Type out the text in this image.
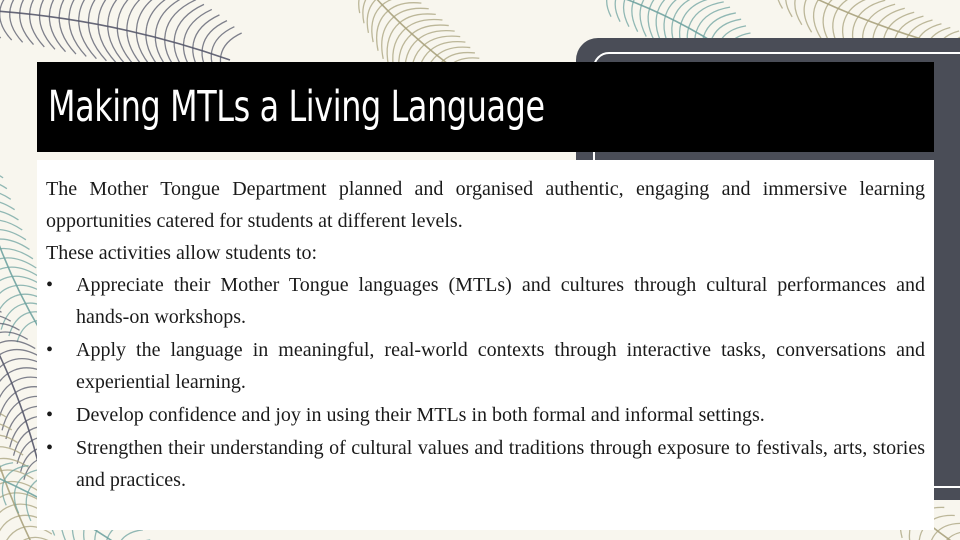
Making MTLs a Living Language

The Mother Tongue Department planned and organised authentic, engaging and immersive learning opportunities catered for students at different levels.

These activities allow students to:

•	Appreciate their Mother Tongue languages (MTLs) and cultures through cultural performances and hands-on workshops.
•	Apply the language in meaningful, real-world contexts through interactive tasks, conversations and experiential learning.
•	Develop confidence and joy in using their MTLs in both formal and informal settings.
•	Strengthen their understanding of cultural values and traditions through exposure to festivals, arts, stories and practices.
